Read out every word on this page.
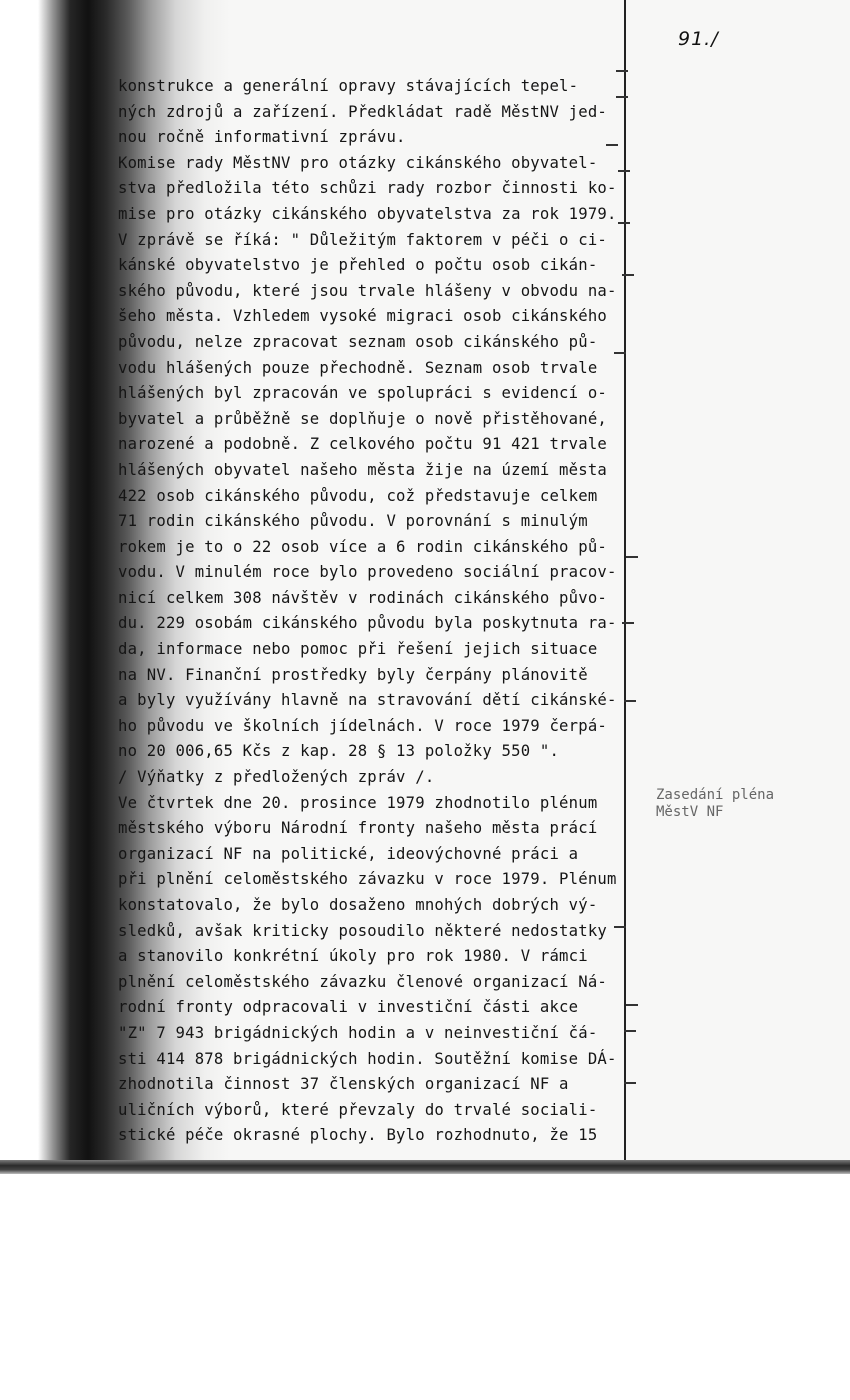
91./
konstrukce a generální opravy stávajících tepel-
ných zdrojů a zařízení. Předkládat radě MěstNV jed-
nou ročně informativní zprávu.
Komise rady MěstNV pro otázky cikánského obyvatel-
stva předložila této schůzi rady rozbor činnosti ko-
mise pro otázky cikánského obyvatelstva za rok 1979.
V zprávě se říká: " Důležitým faktorem v péči o ci-
kánské obyvatelstvo je přehled o počtu osob cikán-
ského původu, které jsou trvale hlášeny v obvodu na-
šeho města. Vzhledem vysoké migraci osob cikánského
původu, nelze zpracovat seznam osob cikánského pů-
vodu hlášených pouze přechodně. Seznam osob trvale
hlášených byl zpracován ve spolupráci s evidencí o-
byvatel a průběžně se doplňuje o nově přistěhované,
narozené a podobně. Z celkového počtu 91 421 trvale
hlášených obyvatel našeho města žije na území města
422 osob cikánského původu, což představuje celkem
71 rodin cikánského původu. V porovnání s minulým
rokem je to o 22 osob více a 6 rodin cikánského pů-
vodu. V minulém roce bylo provedeno sociální pracov-
nicí celkem 308 návštěv v rodinách cikánského půvo-
du. 229 osobám cikánského původu byla poskytnuta ra-
da, informace nebo pomoc při řešení jejich situace
na NV. Finanční prostředky byly čerpány plánovitě
a byly využívány hlavně na stravování dětí cikánské-
ho původu ve školních jídelnách. V roce 1979 čerpá-
no 20 006,65 Kčs z kap. 28 § 13 položky 550 ".
/ Výňatky z předložených zpráv /.
Ve čtvrtek dne 20. prosince 1979 zhodnotilo plénum
městského výboru Národní fronty našeho města prácí
organizací NF na politické, ideovýchovné práci a
při plnění celoměstského závazku v roce 1979. Plénum
konstatovalo, že bylo dosaženo mnohých dobrých vý-
sledků, avšak kriticky posoudilo některé nedostatky
a stanovilo konkrétní úkoly pro rok 1980. V rámci
plnění celoměstského závazku členové organizací Ná-
rodní fronty odpracovali v investiční části akce
"Z" 7 943 brigádnických hodin a v neinvestiční čá-
sti 414 878 brigádnických hodin. Soutěžní komise DÁ-
zhodnotila činnost 37 členských organizací NF a
uličních výborů, které převzaly do trvalé sociali-
stické péče okrasné plochy. Bylo rozhodnuto, že 15
Zasedání pléna
MěstV NF
